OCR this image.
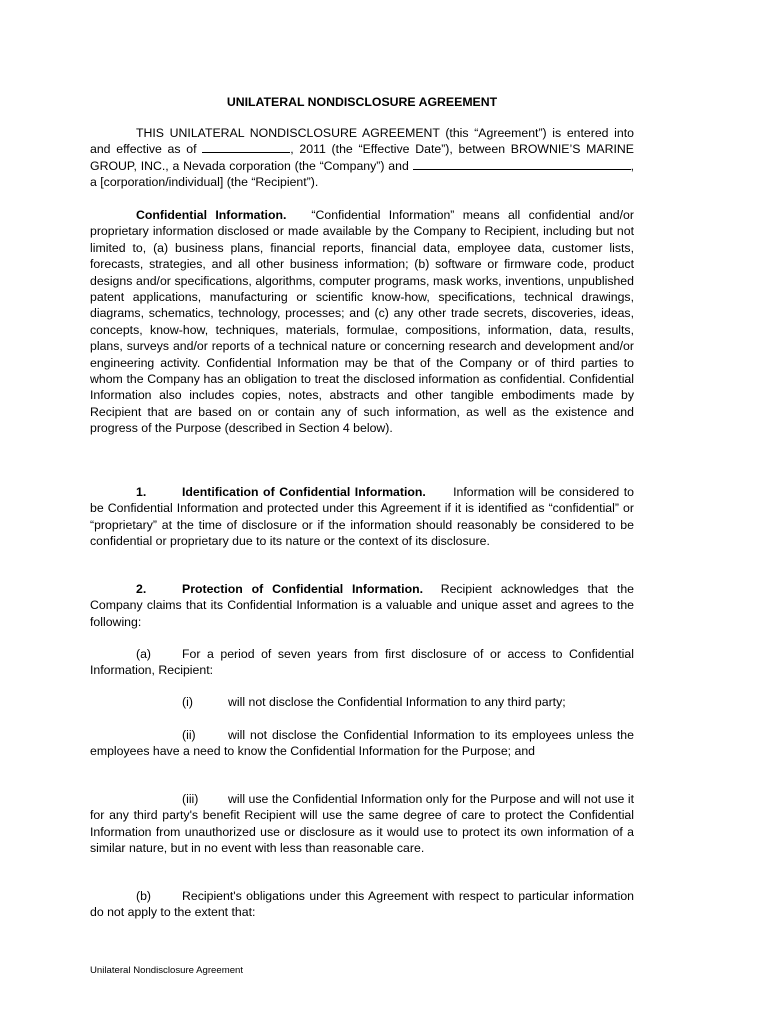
UNILATERAL NONDISCLOSURE AGREEMENT

THIS UNILATERAL NONDISCLOSURE AGREEMENT (this “Agreement”) is entered into and effective as of	, 2011 (the “Effective Date”), between BROWNIE’S MARINE GROUP, INC., a Nevada corporation (the “Company”) and	, a [corporation/individual] (the “Recipient”).

Confidential Information. “Confidential Information” means all confidential and/or proprietary information disclosed or made available by the Company to Recipient, including but not limited to, (a) business plans, financial reports, financial data, employee data, customer lists, forecasts, strategies, and all other business information; (b) software or firmware code, product designs and/or specifications, algorithms, computer programs, mask works, inventions, unpublished patent applications, manufacturing or scientific know-how, specifications, technical drawings, diagrams, schematics, technology, processes; and (c) any other trade secrets, discoveries, ideas, concepts, know-how, techniques, materials, formulae, compositions, information, data, results, plans, surveys and/or reports of a technical nature or concerning research and development and/or engineering activity. Confidential Information may be that of the Company or of third parties to whom the Company has an obligation to treat the disclosed information as confidential. Confidential Information also includes copies, notes, abstracts and other tangible embodiments made by Recipient that are based on or contain any of such information, as well as the existence and progress of the Purpose (described in Section 4 below).

1.	Identification of Confidential Information. Information will be considered to be Confidential Information and protected under this Agreement if it is identified as “confidential” or “proprietary” at the time of disclosure or if the information should reasonably be considered to be confidential or proprietary due to its nature or the context of its disclosure.

2.	Protection of Confidential Information. Recipient acknowledges that the Company claims that its Confidential Information is a valuable and unique asset and agrees to the following:

(a)	For a period of seven years from first disclosure of or access to Confidential Information, Recipient:

(i)	will not disclose the Confidential Information to any third party;

(ii)	will not disclose the Confidential Information to its employees unless the employees have a need to know the Confidential Information for the Purpose; and

(iii) will use the Confidential Information only for the Purpose and will not use it for any third party's benefit Recipient will use the same degree of care to protect the Confidential Information from unauthorized use or disclosure as it would use to protect its own information of a similar nature, but in no event with less than reasonable care.

(b)	Recipient's obligations under this Agreement with respect to particular information do not apply to the extent that:

Unilateral Nondisclosure Agreement
